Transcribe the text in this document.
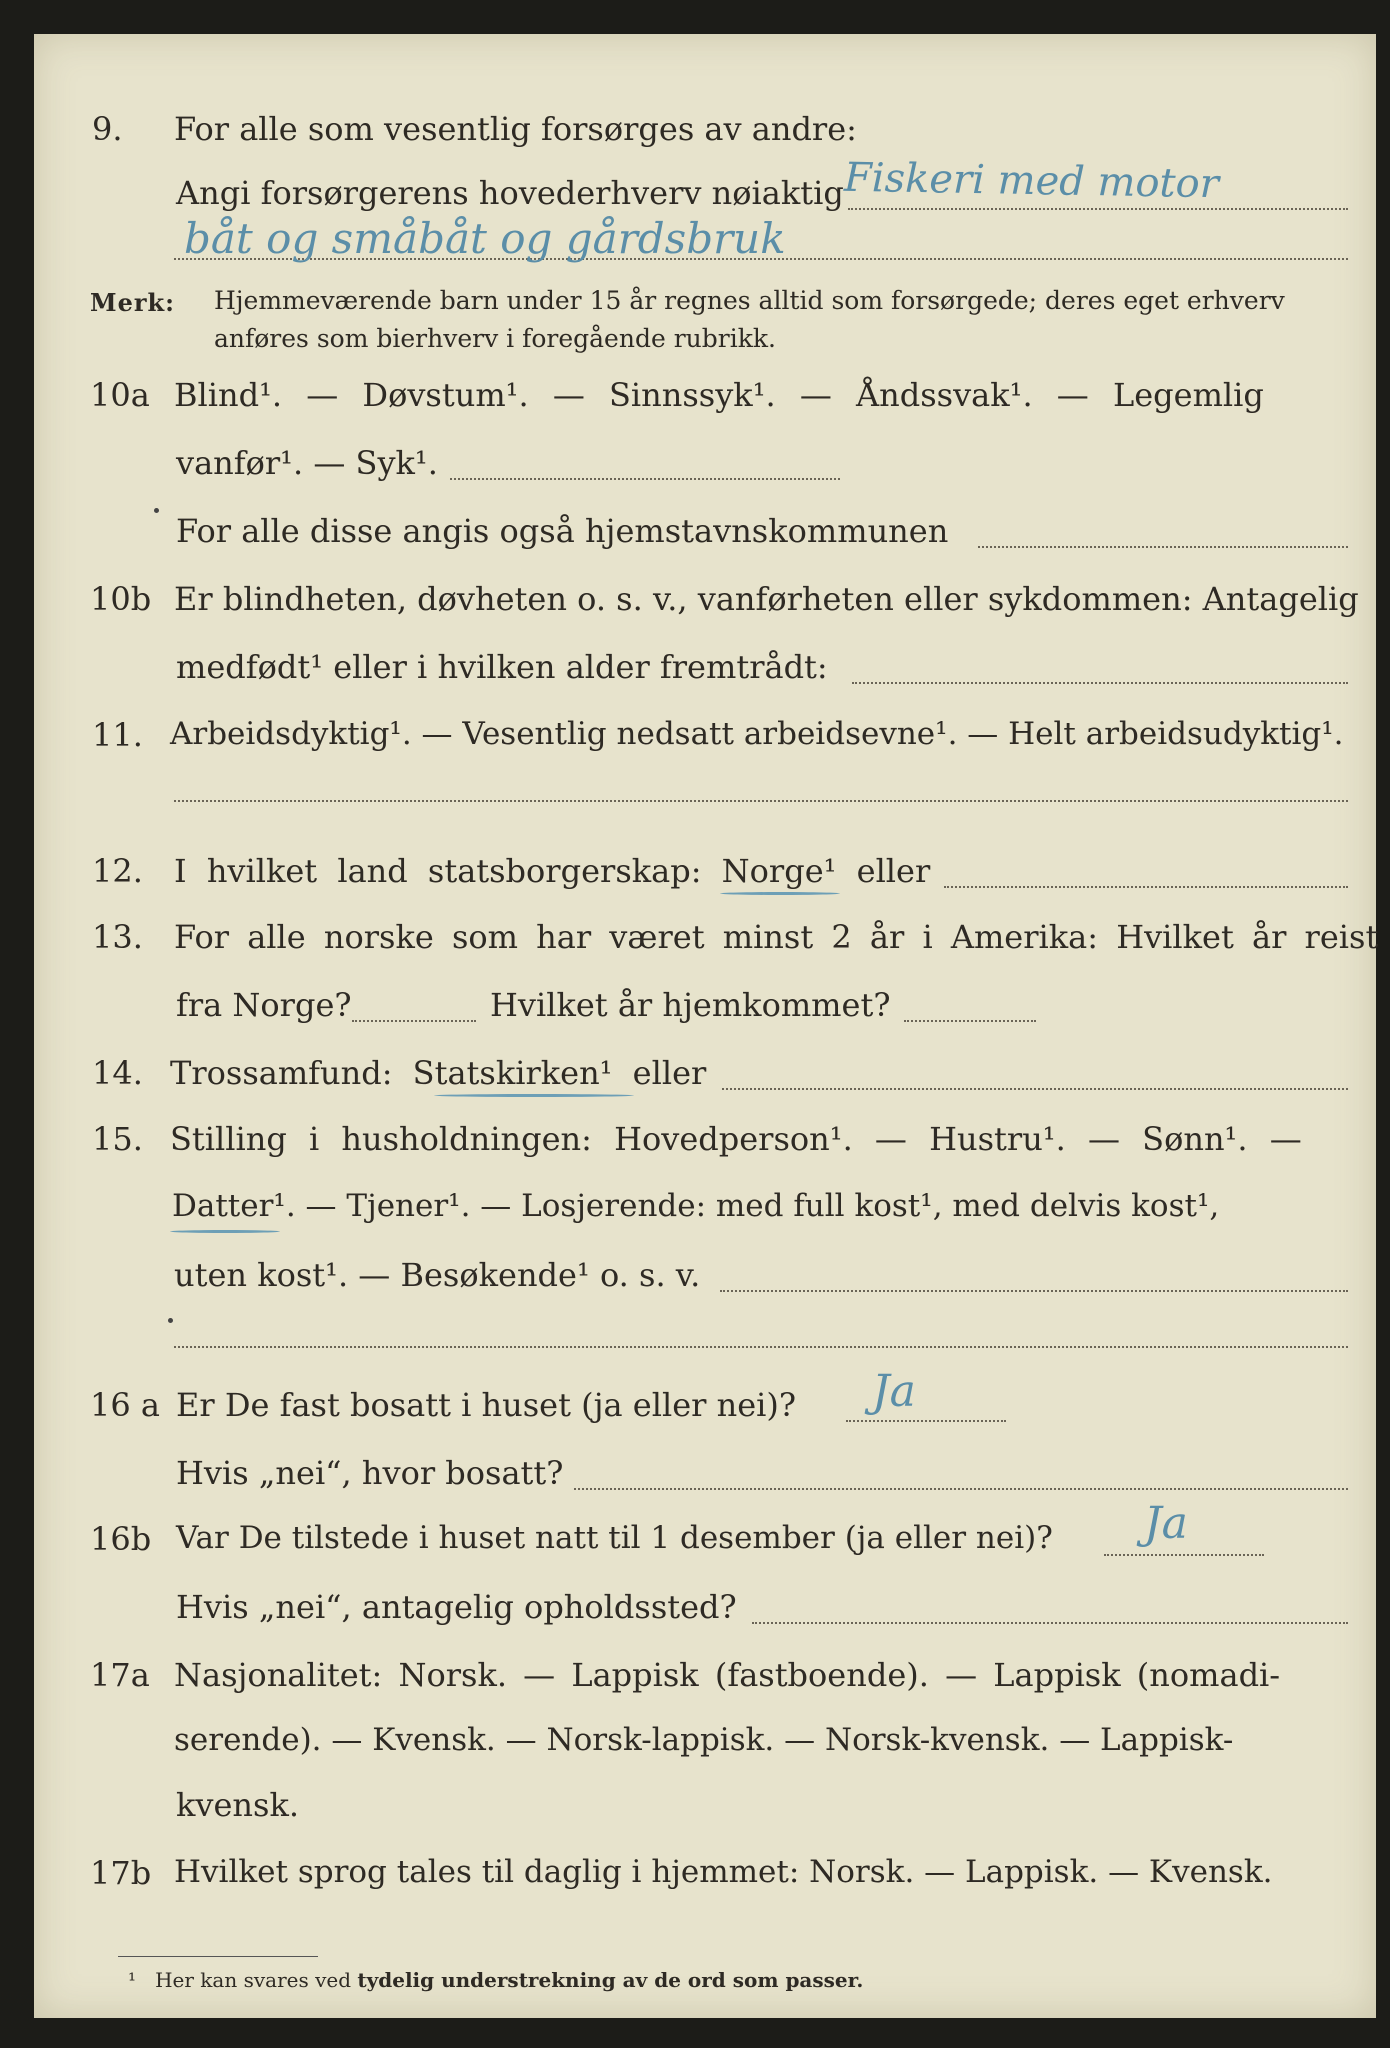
9. For alle som vesentlig forsørges av andre:
Angi forsørgerens hovederhverv nøiaktig Fiskeri med motor
båt og småbåt og gårdsbruk
Merk: Hjemmeværende barn under 15 år regnes alltid som forsørgede; deres eget erhverv
anføres som bierhverv i foregående rubrikk.
10a Blind¹. — Døvstum¹. — Sinnssyk¹. — Åndssvak¹. — Legemlig
vanfør¹. — Syk¹.
For alle disse angis også hjemstavnskommunen
10b Er blindheten, døvheten o. s. v., vanførheten eller sykdommen: Antagelig
medfødt¹ eller i hvilken alder fremtrådt:
11. Arbeidsdyktig¹. — Vesentlig nedsatt arbeidsevne¹. — Helt arbeidsudyktig¹.
12. I hvilket land statsborgerskap: Norge¹ eller
13. For alle norske som har været minst 2 år i Amerika: Hvilket år reist
fra Norge?	Hvilket år hjemkommet?
14. Trossamfund: Statskirken¹ eller
15. Stilling i husholdningen: Hovedperson¹. — Hustru¹. — Sønn¹. —
Datter¹. — Tjener¹. — Losjerende: med full kost¹, med delvis kost¹,
uten kost¹. — Besøkende¹ o. s. v.
16 a Er De fast bosatt i huset (ja eller nei)? Ja
Hvis „nei“, hvor bosatt?
16b Var De tilstede i huset natt til 1 desember (ja eller nei)? Ja
Hvis „nei“, antagelig opholdssted?
17a Nasjonalitet: Norsk. — Lappisk (fastboende). — Lappisk (nomadi-
serende). — Kvensk. — Norsk-lappisk. — Norsk-kvensk. — Lappisk-
kvensk.
17b Hvilket sprog tales til daglig i hjemmet: Norsk. — Lappisk. — Kvensk.
¹ Her kan svares ved tydelig understrekning av de ord som passer.
